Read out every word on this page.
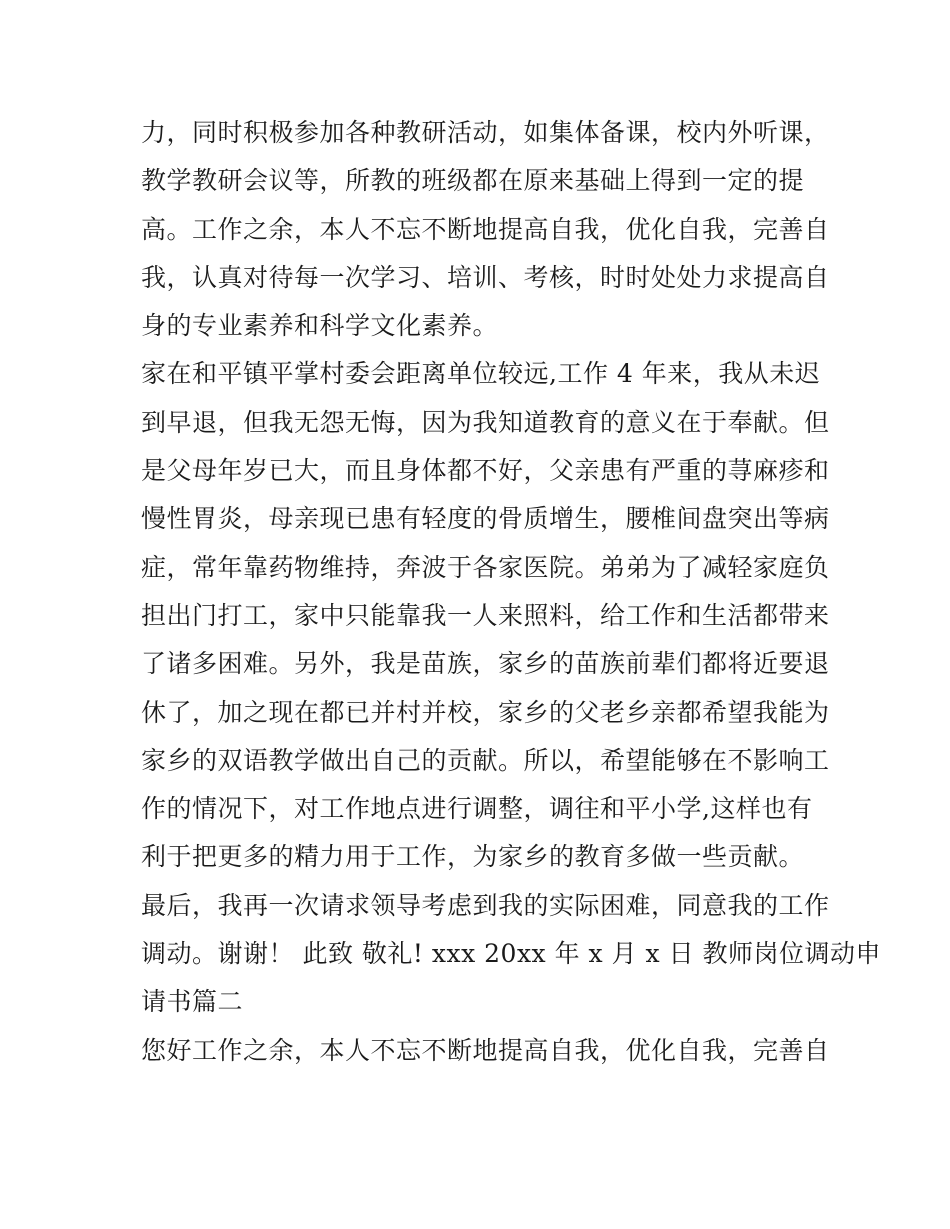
力，同时积极参加各种教研活动，如集体备课，校内外听课，
教学教研会议等，所教的班级都在原来基础上得到一定的提
高。工作之余，本人不忘不断地提高自我，优化自我，完善自
我，认真对待每一次学习、培训、考核，时时处处力求提高自
身的专业素养和科学文化素养。
家在和平镇平掌村委会距离单位较远,工作 4 年来，我从未迟
到早退，但我无怨无悔，因为我知道教育的意义在于奉献。但
是父母年岁已大，而且身体都不好，父亲患有严重的荨麻疹和
慢性胃炎，母亲现已患有轻度的骨质增生，腰椎间盘突出等病
症，常年靠药物维持，奔波于各家医院。弟弟为了减轻家庭负
担出门打工，家中只能靠我一人来照料，给工作和生活都带来
了诸多困难。另外，我是苗族，家乡的苗族前辈们都将近要退
休了，加之现在都已并村并校，家乡的父老乡亲都希望我能为
家乡的双语教学做出自己的贡献。所以，希望能够在不影响工
作的情况下，对工作地点进行调整，调往和平小学,这样也有
利于把更多的精力用于工作，为家乡的教育多做一些贡献。
最后，我再一次请求领导考虑到我的实际困难，同意我的工作
调动。谢谢！ 此致 敬礼! xxx 20xx 年 x 月 x 日 教师岗位调动申
请书篇二
您好工作之余，本人不忘不断地提高自我，优化自我，完善自
